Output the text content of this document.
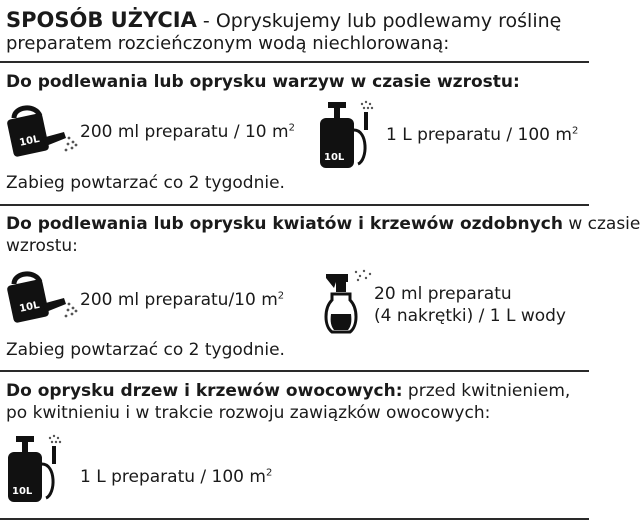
SPOSÓB UŻYCIA - Opryskujemy lub podlewamy roślinę
preparatem rozcieńczonym wodą niechlorowaną:
Do podlewania lub oprysku warzyw w czasie wzrostu:
10L 200 ml preparatu / 10 $m^2$
10L
1 L preparatu / 100 $m^2$
Zabieg powtarzać co 2 tygodnie.
Do podlewania lub oprysku kwiatów i krzewów ozdobnych w czasie
wzrostu:
10L 200 ml preparatu/10 $m^2$	20 ml preparatu
(4 nakrętki) / 1 L wody
Zabieg powtarzać co 2 tygodnie.
Do oprysku drzew i krzewów owocowych: przed kwitnieniem,
po kwitnieniu i w trakcie rozwoju zawiązków owocowych:
10L
1 L preparatu / 100 $m^2$
